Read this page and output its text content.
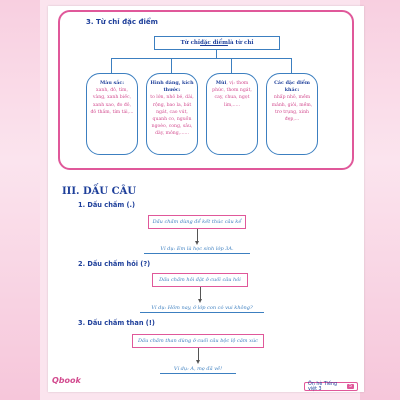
3. Từ chỉ đặc điểm
Từ chỉ đặc điểm là từ chỉ
Màu sắc:
xanh, đỏ, tím, vàng, xanh biếc, xanh xao, đo đỏ, đỏ thắm, tím tái,...
Hình dáng, kích thước:
to lớn, nhỏ bé, dài, rộng, bao la, bát ngát, cao vút, quanh co, nguồn ngoèo, cong, sâu, dày, mỏng,......
Mùi, vị: thơm phức, thơm ngát, cay, chua, ngọt lim,.....
Các đặc điểm khác:
nhấp nhô, mềm mảnh, giỏi, mềm, trơ trụng, xinh đẹp,...
III. DẤU CÂU
1. Dấu chấm (.)
Dấu chấm dùng để kết thúc câu kể
Ví dụ: Em là học sinh lớp 3A.
2. Dấu chấm hỏi (?)
Dấu chấm hỏi đặt ở cuối câu hỏi
Ví dụ: Hôm nay, ở lớp con có vui không?
3. Dấu chấm than (!)
Dấu chấm than dùng ở cuối câu bộc lộ cảm xúc
Ví dụ: A, mẹ đã về!
Qbook	Ôn hè Tiếng việt 3	5
